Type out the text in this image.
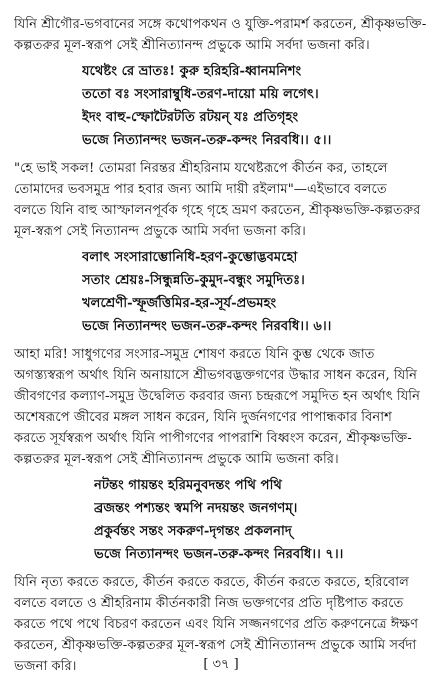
যিনি শ্রীগৌর-ভগবানের সঙ্গে কথোপকথন ও যুক্তি-পরামর্শ করতেন, শ্রীকৃষ্ণভক্তি-
কল্পতরুর মূল-স্বরূপ সেই শ্রীনিত্যানন্দ প্রভুকে আমি সর্বদা ভজনা করি।

যথেষ্টং রে ভ্রাতঃ! কুরু হরিহরি-ধ্বানমনিশং
ততো বঃ সংসারাম্বুধি-তরণ-দায়ো ময়ি লগেৎ।
ইদং বাহু-স্ফোটৈরটতি রটয়ন্ যঃ প্রতিগৃহং
ভজে নিত্যানন্দং ভজন-তরু-কন্দং নিরবধি।। ৫।।

"হে ভাই সকল! তোমরা নিরন্তর শ্রীহরিনাম যথেষ্টরূপে কীর্তন কর, তাহলে
তোমাদের ভবসমুদ্র পার হবার জন্য আমি দায়ী রইলাম"—এইভাবে বলতে
বলতে যিনি বাহু আস্ফালনপূর্বক গৃহে গৃহে ভ্রমণ করতেন, শ্রীকৃষ্ণভক্তি-কল্পতরুর
মূল-স্বরূপ সেই নিত্যানন্দ প্রভুকে আমি সর্বদা ভজনা করি।

বলাৎ সংসারাম্ভোনিধি-হরণ-কুম্ভোদ্ভবমহো
সতাং শ্রেয়ঃ-সিন্ধুন্নতি-কুমুদ-বন্ধুং সমুদিতঃ।
খলশ্রেণী-স্ফূর্জত্তিমির-হর-সূর্য-প্রভমহং
ভজে নিত্যানন্দং ভজন-তরু-কন্দং নিরবধি।। ৬।।

আহা মরি! সাধুগণের সংসার-সমুদ্র শোষণ করতে যিনি কুম্ভ থেকে জাত
অগস্ত্যস্বরূপ অর্থাৎ যিনি অনায়াসে শ্রীভগবদ্ভক্তগণের উদ্ধার সাধন করেন, যিনি
জীবগণের কল্যাণ-সমুদ্র উদ্বেলিত করবার জন্য চন্দ্ররূপে সমুদিত হন অর্থাৎ যিনি
অশেষরূপে জীবের মঙ্গল সাধন করেন, যিনি দুর্জনগণের পাপান্ধকার বিনাশ
করতে সূর্যস্বরূপ অর্থাৎ যিনি পাপীগণের পাপরাশি বিধ্বংস করেন, শ্রীকৃষ্ণভক্তি-
কল্পতরুর মূল-স্বরূপ সেই শ্রীনিত্যানন্দ প্রভুকে আমি ভজনা করি।

নটন্তং গায়ন্তং হরিমনুবদন্তং পথি পথি
ব্রজন্তং পশ্যন্তং স্বমপি নদয়ন্তং জনগণম্।
প্রকুর্বন্তং সন্তং সকরুণ-দৃগন্তং প্রকলনাদ্
ভজে নিত্যানন্দং ভজন-তরু-কন্দং নিরবধি।। ৭।।

যিনি নৃত্য করতে করতে, কীর্তন করতে করতে, কীর্তন করতে করতে, হরিবোল
বলতে বলতে ও শ্রীহরিনাম কীর্তনকারী নিজ ভক্তগণের প্রতি দৃষ্টিপাত করতে
করতে পথে পথে বিচরণ করতেন এবং যিনি সজ্জনগণের প্রতি করুণনেত্রে ঈক্ষণ
করতেন, শ্রীকৃষ্ণভক্তি-কল্পতরুর মূল-স্বরূপ সেই শ্রীনিত্যানন্দ প্রভুকে আমি সর্বদা
ভজনা করি।	[ ৩৭ ]
